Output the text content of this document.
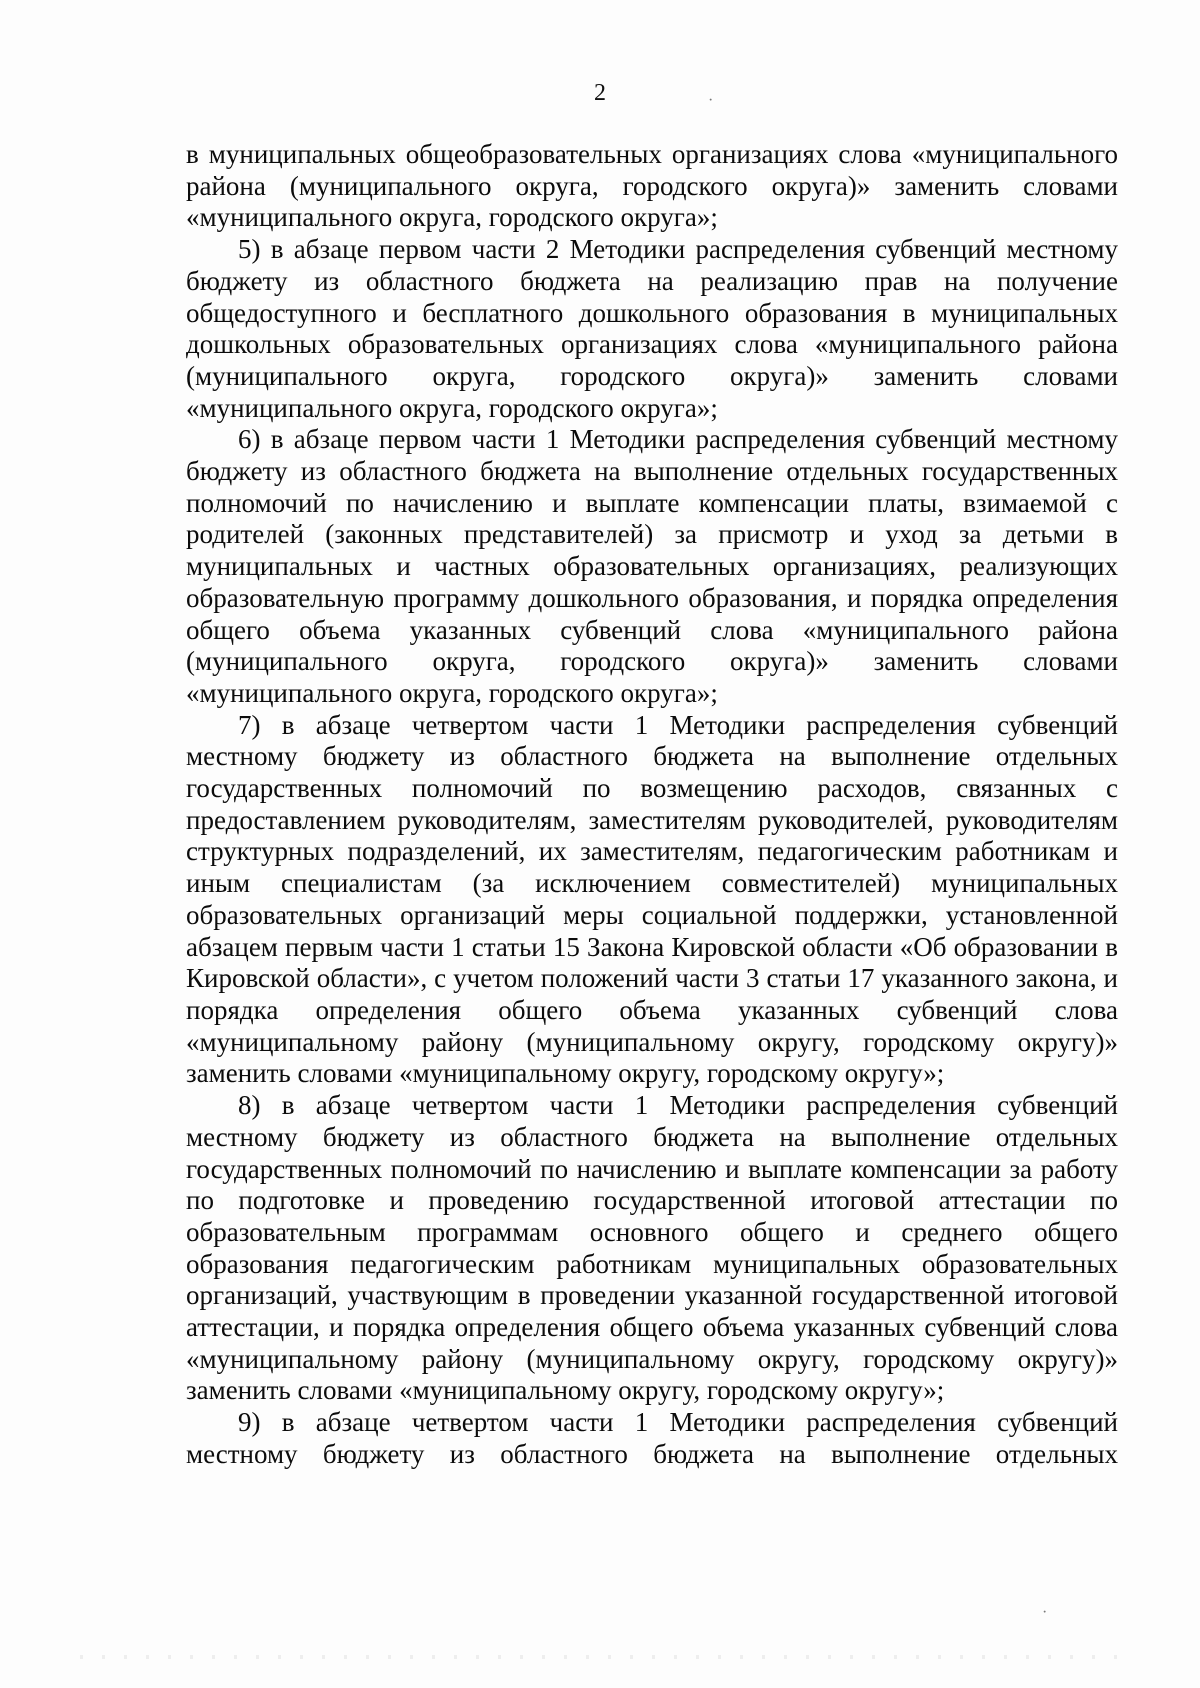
2	·
·

в муниципальных общеобразовательных организациях слова «муниципального района (муниципального округа, городского округа)» заменить словами «муниципального округа, городского округа»;

5) в абзаце первом части 2 Методики распределения субвенций местному бюджету из областного бюджета на реализацию прав на получение общедоступного и бесплатного дошкольного образования в муниципальных дошкольных образовательных организациях слова «муниципального района (муниципального округа, городского округа)» заменить словами «муниципального округа, городского округа»;

6) в абзаце первом части 1 Методики распределения субвенций местному бюджету из областного бюджета на выполнение отдельных государственных полномочий по начислению и выплате компенсации платы, взимаемой с родителей (законных представителей) за присмотр и уход за детьми в муниципальных и частных образовательных организациях, реализующих образовательную программу дошкольного образования, и порядка определения общего объема указанных субвенций слова «муниципального района (муниципального округа, городского округа)» заменить словами «муниципального округа, городского округа»;

7) в абзаце четвертом части 1 Методики распределения субвенций местному бюджету из областного бюджета на выполнение отдельных государственных полномочий по возмещению расходов, связанных с предоставлением руководителям, заместителям руководителей, руководителям структурных подразделений, их заместителям, педагогическим работникам и иным специалистам (за исключением совместителей) муниципальных образовательных организаций меры социальной поддержки, установленной абзацем первым части 1 статьи 15 Закона Кировской области «Об образовании в Кировской области», с учетом положений части 3 статьи 17 указанного закона, и порядка определения общего объема указанных субвенций слова «муниципальному району (муниципальному округу, городскому округу)» заменить словами «муниципальному округу, городскому округу»;

8) в абзаце четвертом части 1 Методики распределения субвенций местному бюджету из областного бюджета на выполнение отдельных государственных полномочий по начислению и выплате компенсации за работу по подготовке и проведению государственной итоговой аттестации по образовательным программам основного общего и среднего общего образования педагогическим работникам муниципальных образовательных организаций, участвующим в проведении указанной государственной итоговой аттестации, и порядка определения общего объема указанных субвенций слова «муниципальному району (муниципальному округу, городскому округу)» заменить словами «муниципальному округу, городскому округу»;

9) в абзаце четвертом части 1 Методики распределения субвенций местному бюджету из областного бюджета на выполнение отдельных
